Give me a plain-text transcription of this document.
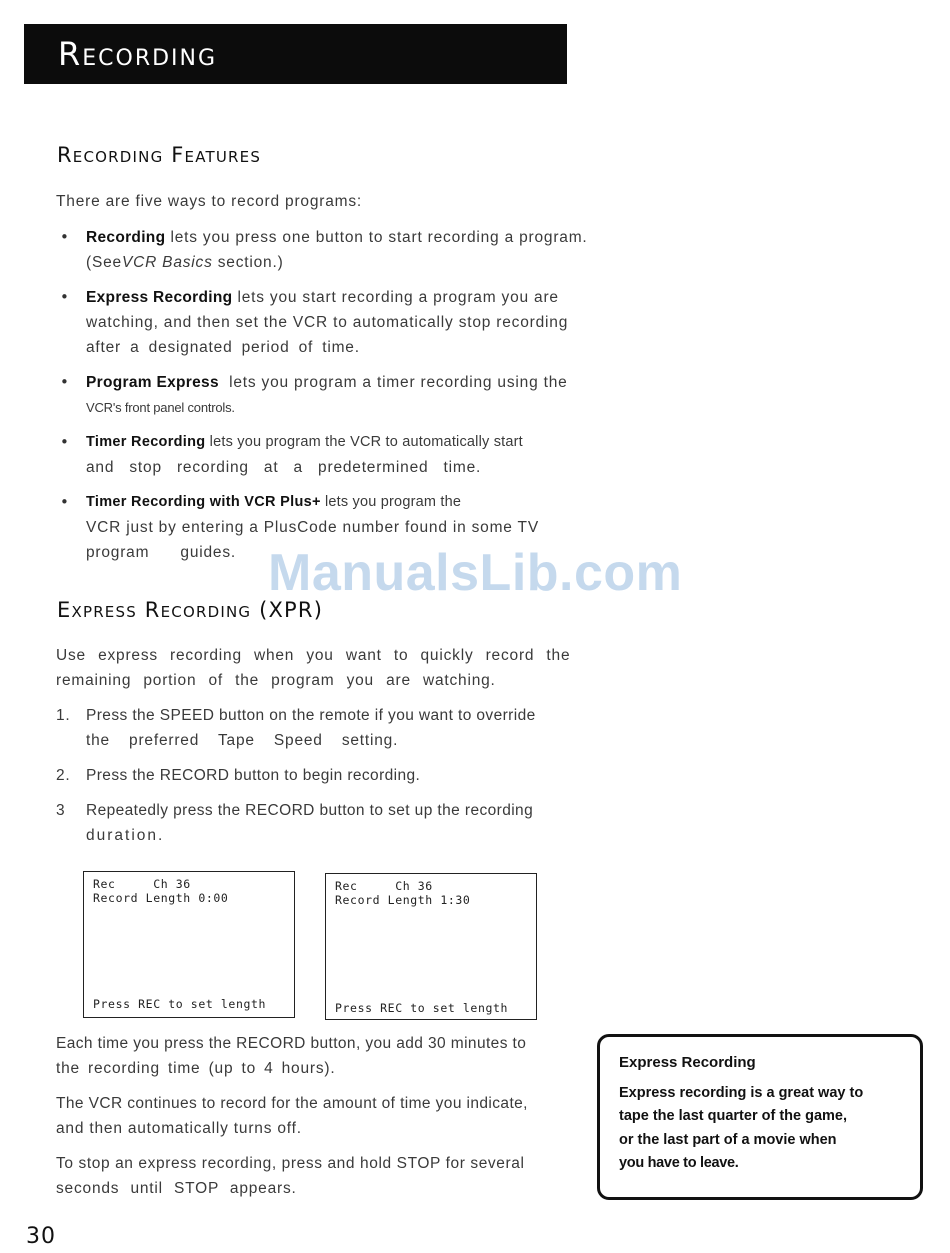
Recording
Recording Features
There are five ways to record programs:
• Recording lets you press one button to start recording a program.
(SeeVCR Basics section.)
• Express Recording lets you start recording a program you are
watching, and then set the VCR to automatically stop recording
after a designated period of time.
• Program Express  lets you program a timer recording using the
VCR's front panel controls.
• Timer Recording lets you program the VCR to automatically start
and stop recording at a predetermined time.
• Timer Recording with VCR Plus+ lets you program the
VCR just by entering a PlusCode number found in some TV
program guides. ManualsLib.com
Express Recording (XPR)
Use express recording when you want to quickly record the
remaining portion of the program you are watching.
1. Press the SPEED button on the remote if you want to override
the preferred Tape Speed setting.
2. Press the RECORD button to begin recording.
3 Repeatedly press the RECORD button to set up the recording
duration.
Rec     Ch 36
Record Length 0:00
Press REC to set length
Rec     Ch 36
Record Length 1:30
Press REC to set length
Each time you press the RECORD button, you add 30 minutes to
the recording time (up to 4 hours).
The VCR continues to record for the amount of time you indicate,
and then automatically turns off.
To stop an express recording, press and hold STOP for several
seconds until STOP appears.
Express Recording
Express recording is a great way to
tape the last quarter of the game,
or the last part of a movie when
you have to leave.
30
